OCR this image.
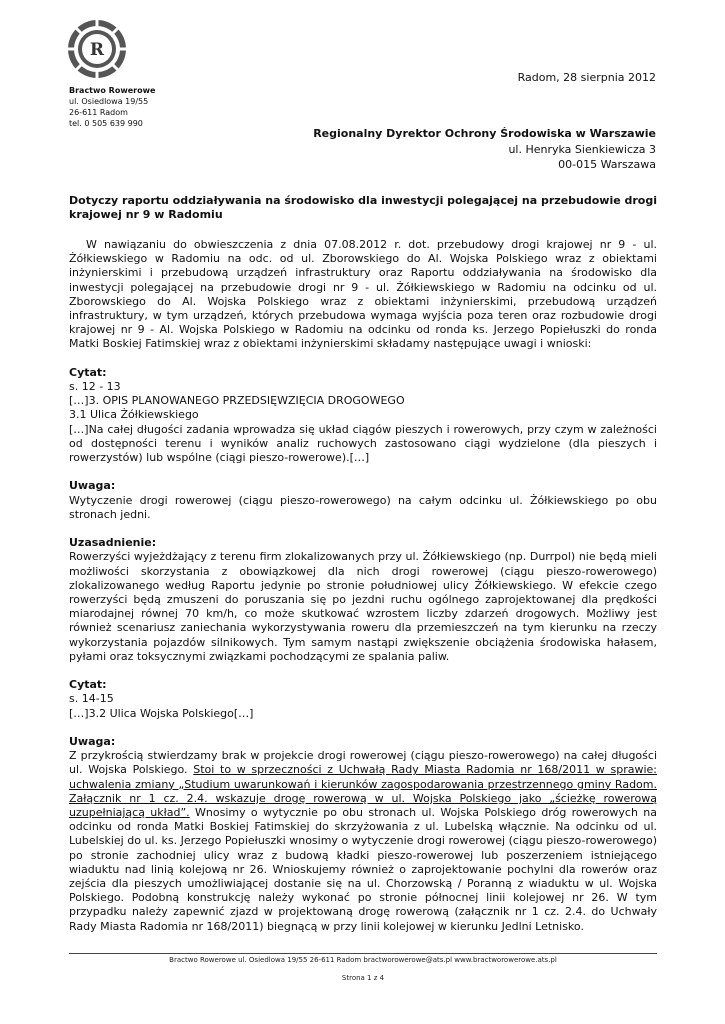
R
Bractwo Rowerowe
ul. Osiedlowa 19/55
26-611 Radom
tel. 0 505 639 990
Radom, 28 sierpnia 2012
Regionalny Dyrektor Ochrony Środowiska w Warszawie
ul. Henryka Sienkiewicza 3
00-015 Warszawa
Dotyczy raportu oddziaływania na środowisko dla inwestycji polegającej na przebudowie drogi krajowej nr 9 w Radomiu

W nawiązaniu do obwieszczenia z dnia 07.08.2012 r. dot. przebudowy drogi krajowej nr 9 - ul. Żółkiewskiego w Radomiu na odc. od ul. Zborowskiego do Al. Wojska Polskiego wraz z obiektami inżynierskimi i przebudową urządzeń infrastruktury oraz Raportu oddziaływania na środowisko dla inwestycji polegającej na przebudowie drogi nr 9 - ul. Żółkiewskiego w Radomiu na odcinku od ul. Zborowskiego do Al. Wojska Polskiego wraz z obiektami inżynierskimi, przebudową urządzeń infrastruktury, w tym urządzeń, których przebudowa wymaga wyjścia poza teren oraz rozbudowie drogi krajowej nr 9 - Al. Wojska Polskiego w Radomiu na odcinku od ronda ks. Jerzego Popiełuszki do ronda Matki Boskiej Fatimskiej wraz z obiektami inżynierskimi składamy następujące uwagi i wnioski:

Cytat:

s. 12 - 13

[…]3. OPIS PLANOWANEGO PRZEDSIĘWZIĘCIA DROGOWEGO

3.1 Ulica Żółkiewskiego

[…]Na całej długości zadania wprowadza się układ ciągów pieszych i rowerowych, przy czym w zależności od dostępności terenu i wyników analiz ruchowych zastosowano ciągi wydzielone (dla pieszych i rowerzystów) lub wspólne (ciągi pieszo-rowerowe).[…]

Uwaga:

Wytyczenie drogi rowerowej (ciągu pieszo-rowerowego) na całym odcinku ul. Żółkiewskiego po obu stronach jedni.

Uzasadnienie:

Rowerzyści wyjeżdżający z terenu firm zlokalizowanych przy ul. Żółkiewskiego (np. Durrpol) nie będą mieli możliwości skorzystania z obowiązkowej dla nich drogi rowerowej (ciągu pieszo-rowerowego) zlokalizowanego według Raportu jedynie po stronie południowej ulicy Żółkiewskiego. W efekcie czego rowerzyści będą zmuszeni do poruszania się po jezdni ruchu ogólnego zaprojektowanej dla prędkości miarodajnej równej 70 km/h, co może skutkować wzrostem liczby zdarzeń drogowych. Możliwy jest również scenariusz zaniechania wykorzystywania roweru dla przemieszczeń na tym kierunku na rzeczy wykorzystania pojazdów silnikowych. Tym samym nastąpi zwiększenie obciążenia środowiska hałasem, pyłami oraz toksycznymi związkami pochodzącymi ze spalania paliw.

Cytat:

s. 14-15

[…]3.2 Ulica Wojska Polskiego[…]

Uwaga:

Z przykrością stwierdzamy brak w projekcie drogi rowerowej (ciągu pieszo-rowerowego) na całej długości ul. Wojska Polskiego. Stoi to w sprzeczności z Uchwałą Rady Miasta Radomia nr 168/2011 w sprawie: uchwalenia zmiany „Studium uwarunkowań i kierunków zagospodarowania przestrzennego gminy Radom. Załącznik nr 1 cz. 2.4. wskazuje drogę rowerową w ul. Wojska Polskiego jako „ścieżkę rowerową uzupełniającą układ”. Wnosimy o wytycznie po obu stronach ul. Wojska Polskiego dróg rowerowych na odcinku od ronda Matki Boskiej Fatimskiej do skrzyżowania z ul. Lubelską włącznie. Na odcinku od ul. Lubelskiej do ul. ks. Jerzego Popiełuszki wnosimy o wytyczenie drogi rowerowej (ciągu pieszo-rowerowego) po stronie zachodniej ulicy wraz z budową kładki pieszo-rowerowej lub poszerzeniem istniejącego wiaduktu nad linią kolejową nr 26. Wnioskujemy również o zaprojektowanie pochylni dla rowerów oraz zejścia dla pieszych umożliwiającej dostanie się na ul. Chorzowską / Poranną z wiaduktu w ul. Wojska Polskiego. Podobną konstrukcję należy wykonać po stronie północnej linii kolejowej nr 26. W tym przypadku należy zapewnić zjazd w projektowaną drogę rowerową (załącznik nr 1 cz. 2.4. do Uchwały Rady Miasta Radomia nr 168/2011) biegnącą w przy linii kolejowej w kierunku Jedlni Letnisko.

Bractwo Rowerowe ul. Osiedlowa 19/55 26-611 Radom bractworowerowe@ats.pl www.bractworowerowe.ats.pl
Strona 1 z 4
